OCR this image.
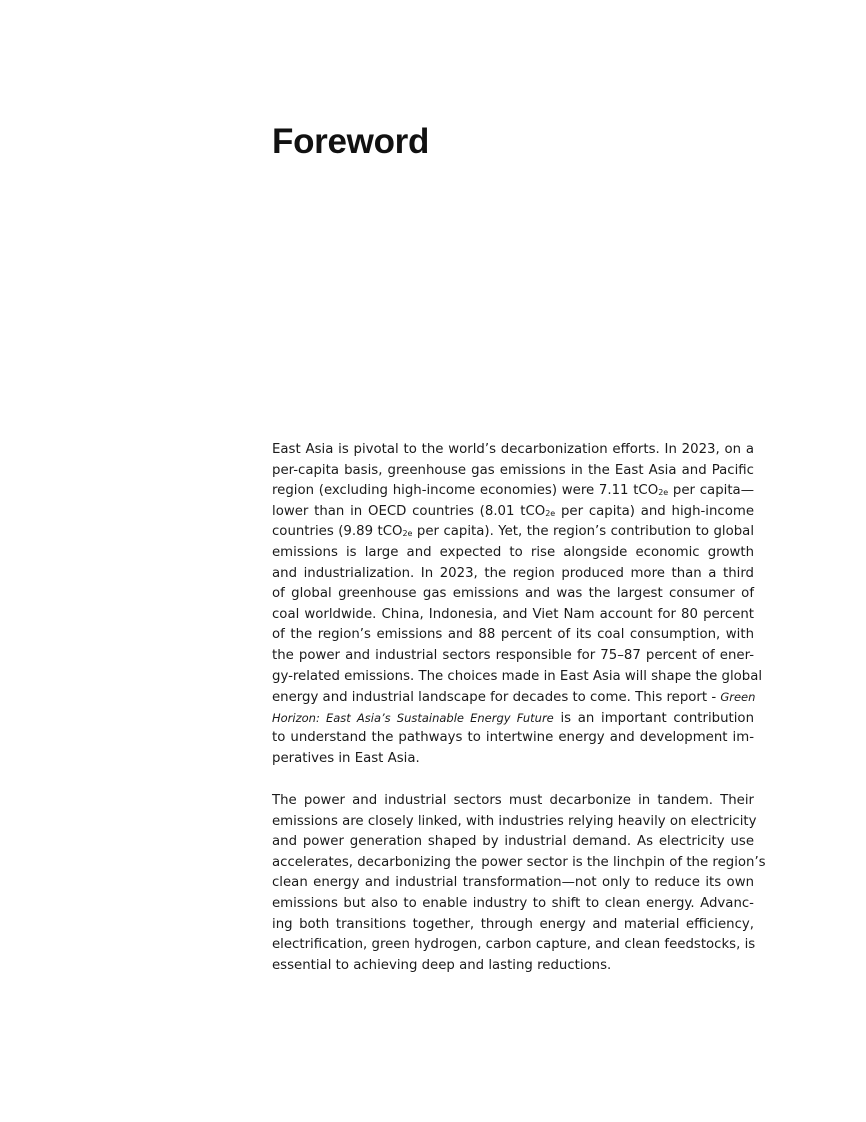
Foreword
East Asia is pivotal to the world’s decarbonization efforts. In 2023, on a
per-capita basis, greenhouse gas emissions in the East Asia and Pacific
region (excluding high-income economies) were 7.11 tCO$_{2e}$ per capita—
lower than in OECD countries (8.01 tCO$_{2e}$ per capita) and high-income
countries (9.89 tCO$_{2e}$ per capita). Yet, the region’s contribution to global
emissions is large and expected to rise alongside economic growth
and industrialization. In 2023, the region produced more than a third
of global greenhouse gas emissions and was the largest consumer of
coal worldwide. China, Indonesia, and Viet Nam account for 80 percent
of the region’s emissions and 88 percent of its coal consumption, with
the power and industrial sectors responsible for 75–87 percent of ener-
gy-related emissions. The choices made in East Asia will shape the global
energy and industrial landscape for decades to come. This report - Green
Horizon: East Asia’s Sustainable Energy Future is an important contribution
to understand the pathways to intertwine energy and development im-
peratives in East Asia.
The power and industrial sectors must decarbonize in tandem. Their
emissions are closely linked, with industries relying heavily on electricity
and power generation shaped by industrial demand. As electricity use
accelerates, decarbonizing the power sector is the linchpin of the region’s
clean energy and industrial transformation—not only to reduce its own
emissions but also to enable industry to shift to clean energy. Advanc-
ing both transitions together, through energy and material efficiency,
electrification, green hydrogen, carbon capture, and clean feedstocks, is
essential to achieving deep and lasting reductions.
